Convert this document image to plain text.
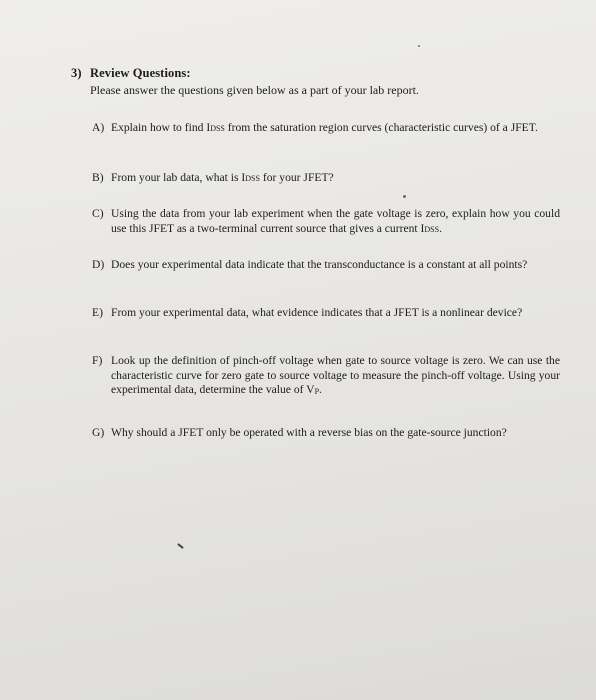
3) Review Questions:
Please answer the questions given below as a part of your lab report.
A) Explain how to find IDSS from the saturation region curves (characteristic curves) of a JFET.
B) From your lab data, what is IDSS for your JFET?
C) Using the data from your lab experiment when the gate voltage is zero, explain how you could use this JFET as a two-terminal current source that gives a current IDSS.
D) Does your experimental data indicate that the transconductance is a constant at all points?
E) From your experimental data, what evidence indicates that a JFET is a nonlinear device?
F) Look up the definition of pinch-off voltage when gate to source voltage is zero. We can use the characteristic curve for zero gate to source voltage to measure the pinch-off voltage. Using your experimental data, determine the value of VP.
G) Why should a JFET only be operated with a reverse bias on the gate-source junction?
